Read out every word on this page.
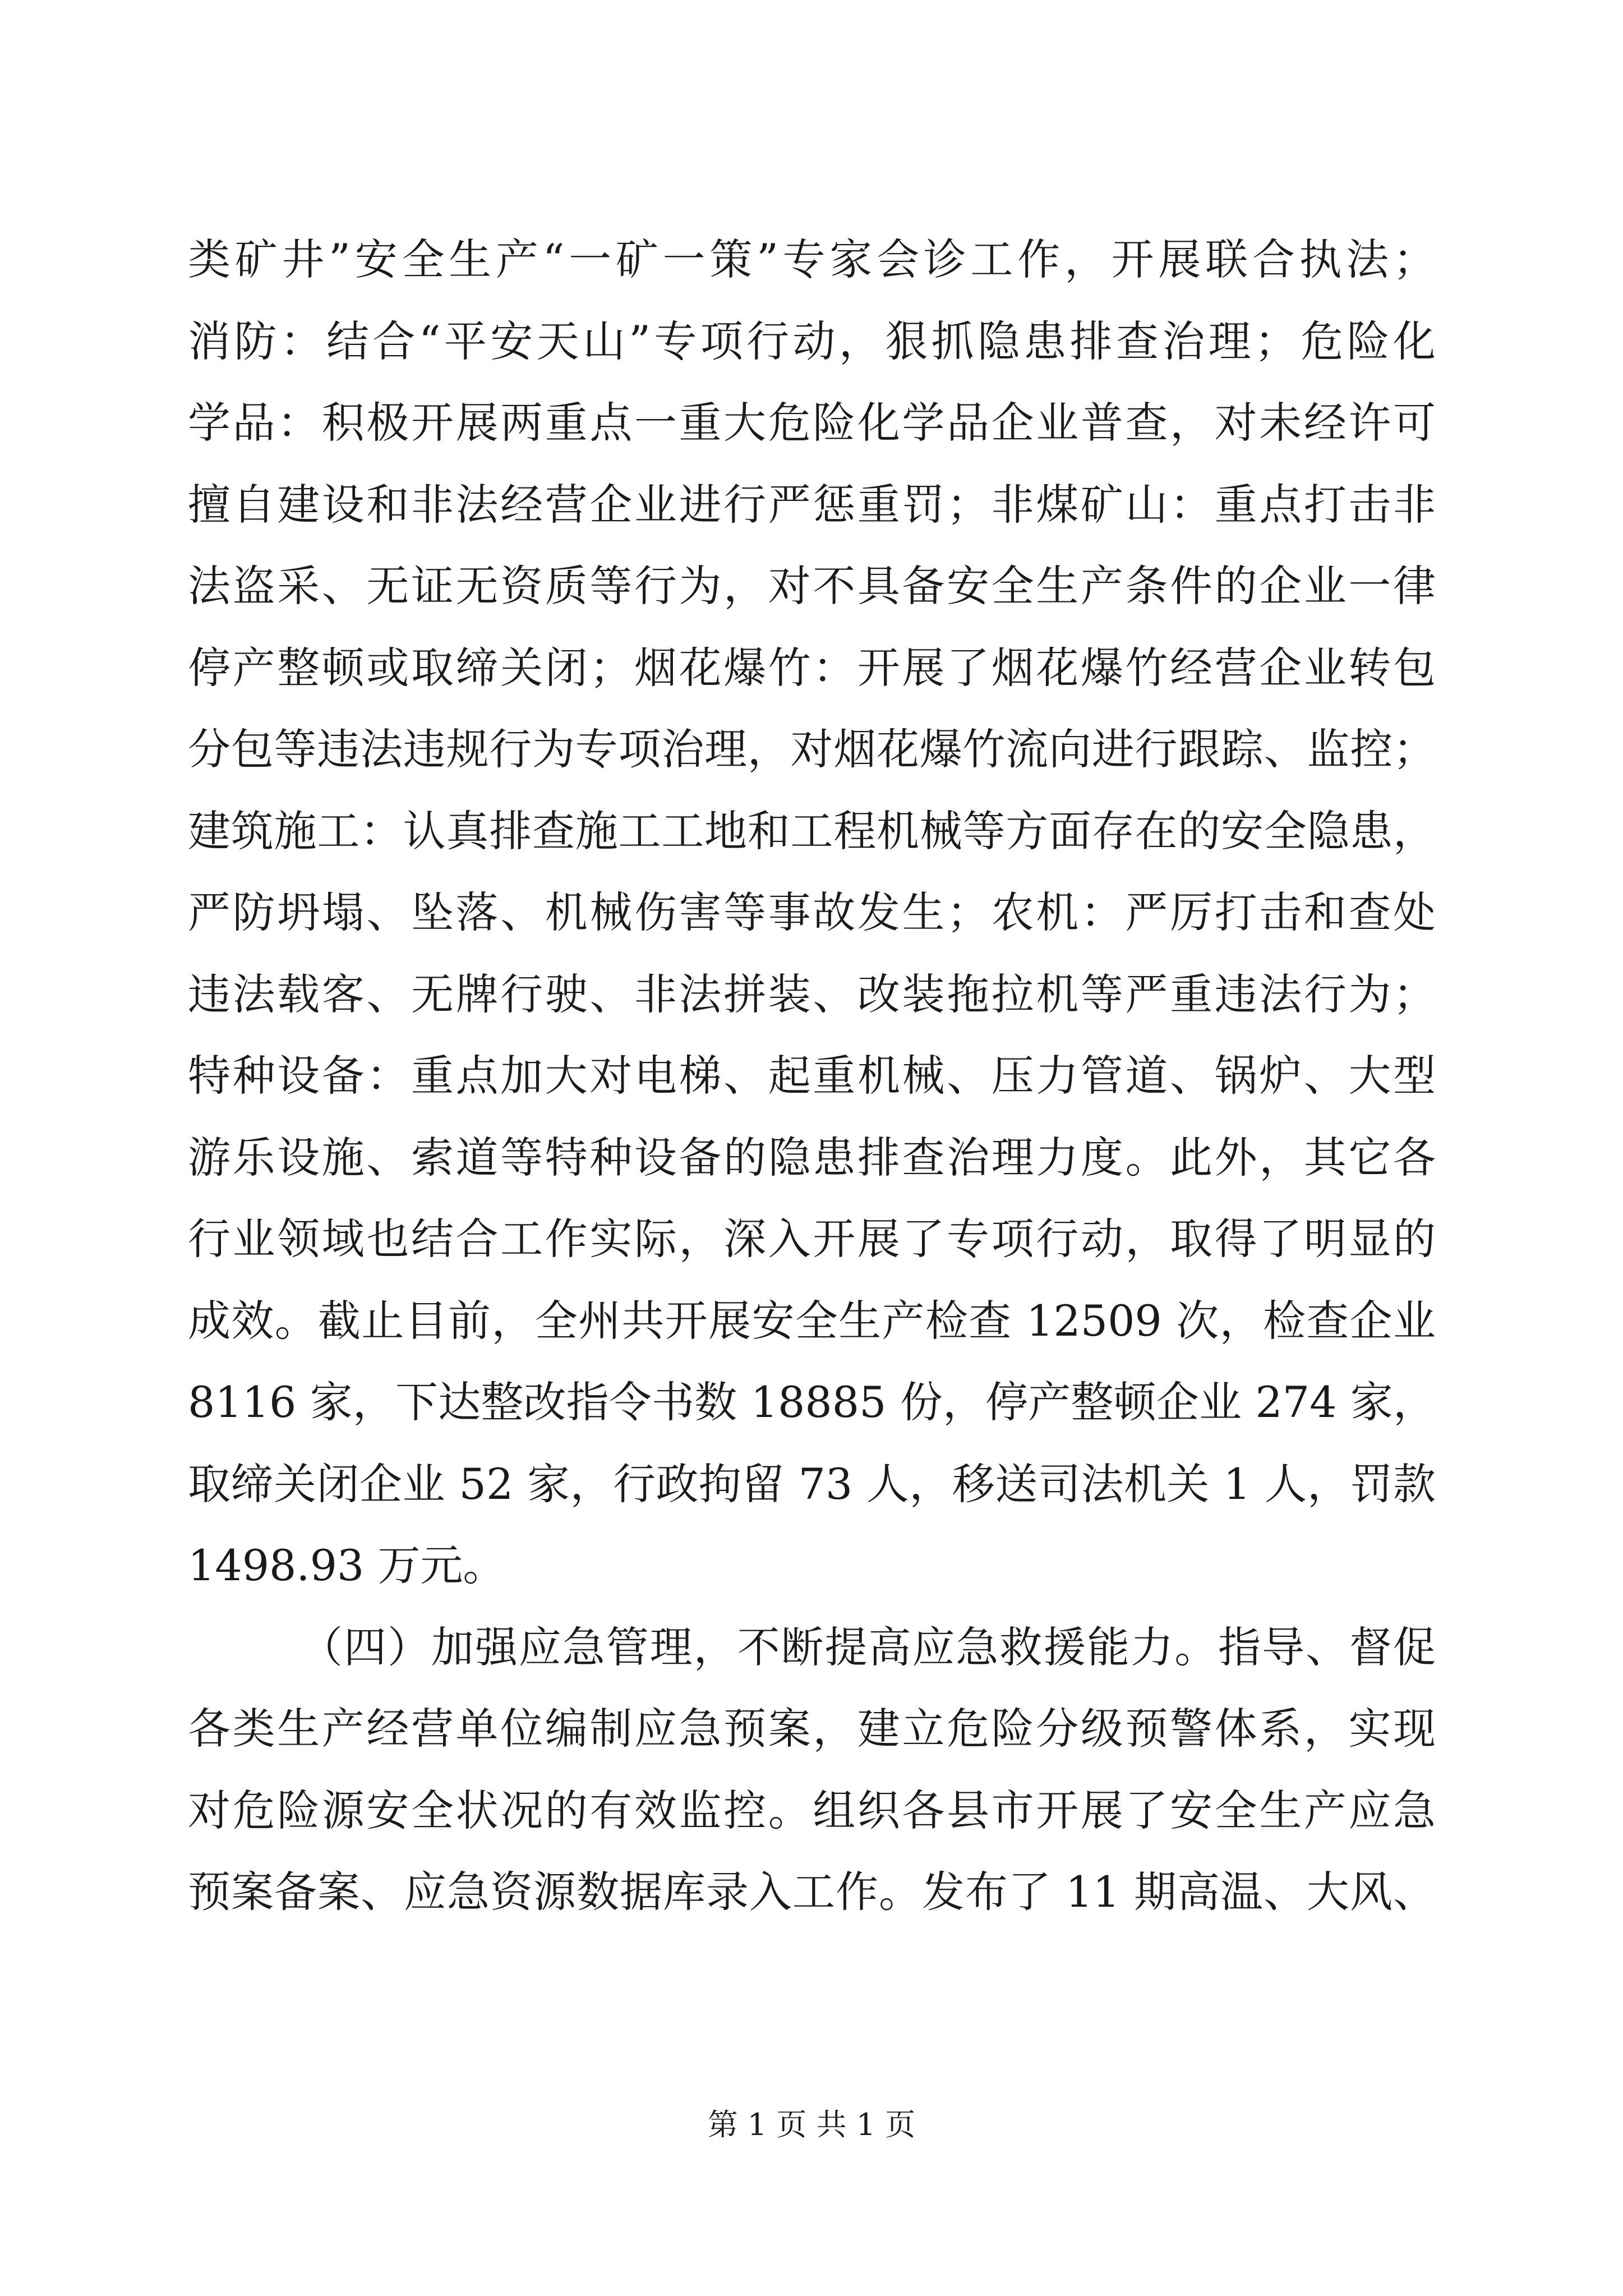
类矿井”安全生产“一矿一策”专家会诊工作，开展联合执法；
消防：结合“平安天山”专项行动，狠抓隐患排查治理；危险化
学品：积极开展两重点一重大危险化学品企业普查，对未经许可
擅自建设和非法经营企业进行严惩重罚；非煤矿山：重点打击非
法盗采、无证无资质等行为，对不具备安全生产条件的企业一律
停产整顿或取缔关闭；烟花爆竹：开展了烟花爆竹经营企业转包
分包等违法违规行为专项治理，对烟花爆竹流向进行跟踪、监控；
建筑施工：认真排查施工工地和工程机械等方面存在的安全隐患，
严防坍塌、坠落、机械伤害等事故发生；农机：严厉打击和查处
违法载客、无牌行驶、非法拼装、改装拖拉机等严重违法行为；
特种设备：重点加大对电梯、起重机械、压力管道、锅炉、大型
游乐设施、索道等特种设备的隐患排查治理力度。此外，其它各
行业领域也结合工作实际，深入开展了专项行动，取得了明显的
成效。截止目前，全州共开展安全生产检查 12509 次，检查企业
8116 家，下达整改指令书数 18885 份，停产整顿企业 274 家，
取缔关闭企业 52 家，行政拘留 73 人，移送司法机关 1 人，罚款
1498.93 万元。
（四）加强应急管理，不断提高应急救援能力。指导、督促
各类生产经营单位编制应急预案，建立危险分级预警体系，实现
对危险源安全状况的有效监控。组织各县市开展了安全生产应急
预案备案、应急资源数据库录入工作。发布了 11 期高温、大风、
第 1 页 共 1 页
